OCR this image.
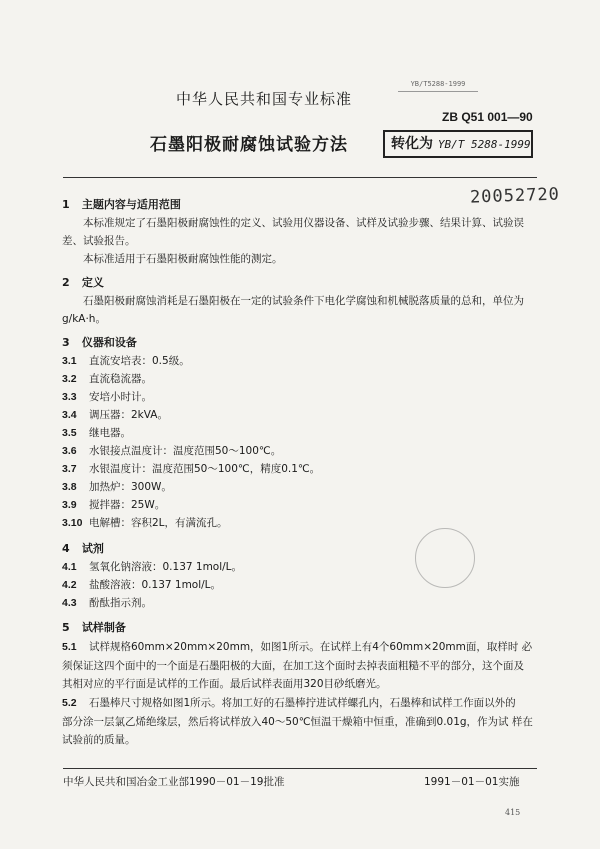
YB/T5288-1999
中华人民共和国专业标准
ZB Q51 001—90
石墨阳极耐腐蚀试验方法	转化为 YB/T 5288-1999
20052720
1 主题内容与适用范围
本标准规定了石墨阳极耐腐蚀性的定义、试验用仪器设备、试样及试验步骤、结果计算、试验误
差、试验报告。
本标准适用于石墨阳极耐腐蚀性能的测定。
2 定义
石墨阳极耐腐蚀消耗是石墨阳极在一定的试验条件下电化学腐蚀和机械脱落质量的总和，单位为
g/kA·h。
3 仪器和设备
3.1 直流安培表：0.5级。
3.2 直流稳流器。
3.3 安培小时计。
3.4 调压器：2kVA。
3.5 继电器。
3.6 水银接点温度计：温度范围50～100℃。
3.7 水银温度计：温度范围50～100℃，精度0.1℃。
3.8 加热炉：300W。
3.9 搅拌器：25W。
3.10 电解槽：容积2L，有满流孔。
4 试剂
4.1 氢氧化钠溶液：0.137 1mol/L。
4.2 盐酸溶液：0.137 1mol/L。
4.3 酚酞指示剂。
5 试样制备
5.1 试样规格60mm×20mm×20mm，如图1所示。在试样上有4个60mm×20mm面，取样时 必
须保证这四个面中的一个面是石墨阳极的大面，在加工这个面时去掉表面粗糙不平的部分，这个面及
其相对应的平行面是试样的工作面。最后试样表面用320目砂纸磨光。
5.2 石墨棒尺寸规格如图1所示。将加工好的石墨棒拧进试样螺孔内，石墨棒和试样工作面以外的
部分涂一层氯乙烯绝缘层，然后将试样放入40～50℃恒温干燥箱中恒重，准确到0.01g，作为试 样在
试验前的质量。
中华人民共和国冶金工业部1990－01－19批准	1991－01－01实施
415
